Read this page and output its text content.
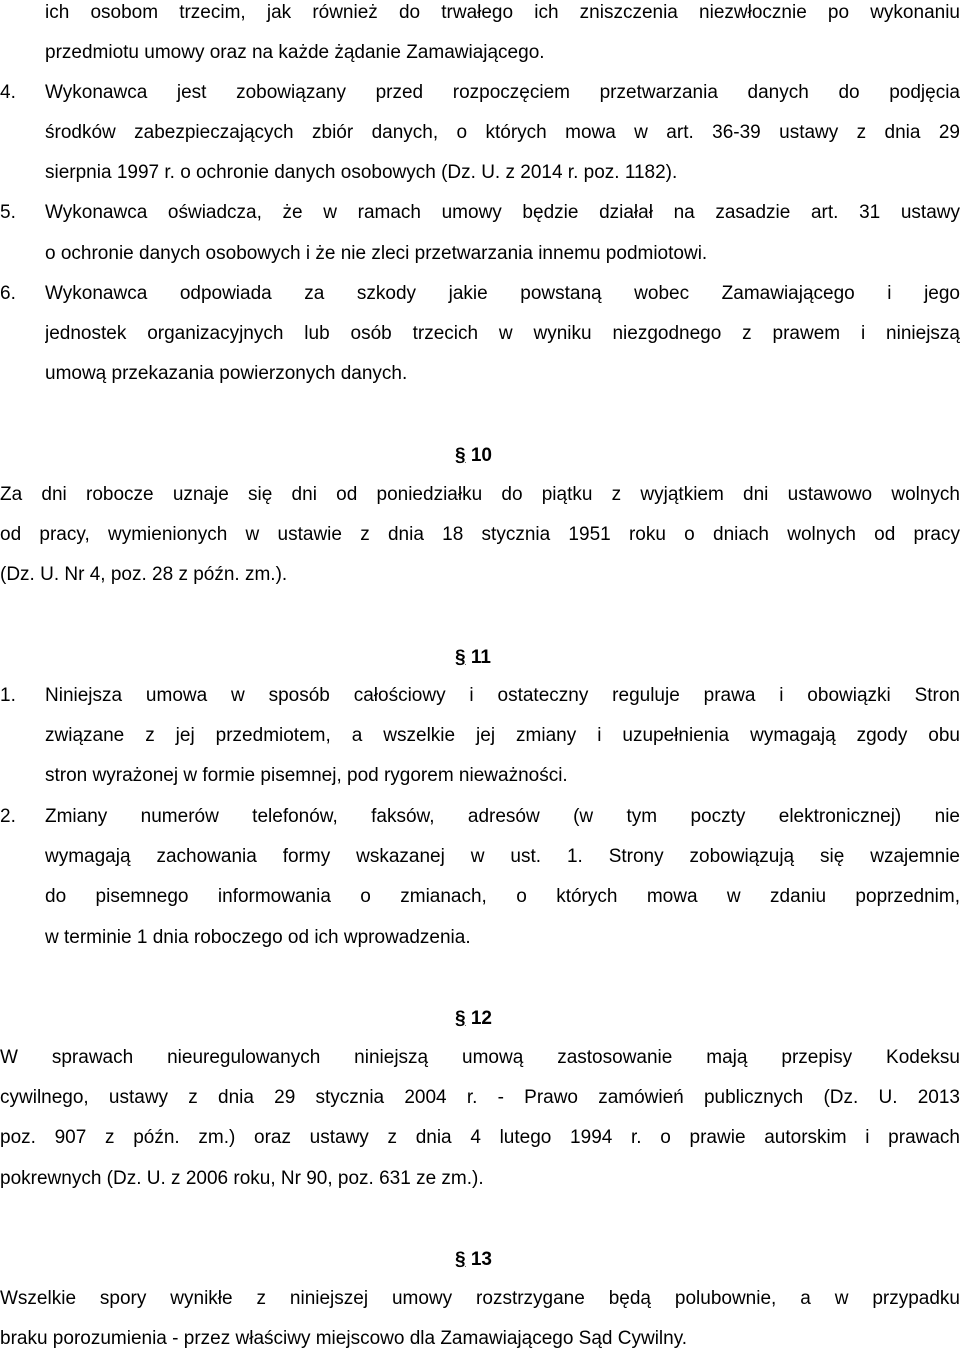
ich osobom trzecim, jak również do trwałego ich zniszczenia niezwłocznie po wykonaniu
przedmiotu umowy oraz na każde żądanie Zamawiającego.
4. Wykonawca jest zobowiązany przed rozpoczęciem przetwarzania danych do podjęcia
środków zabezpieczających zbiór danych, o których mowa w art. 36-39 ustawy z dnia 29
sierpnia 1997 r. o ochronie danych osobowych (Dz. U. z 2014 r. poz. 1182).
5. Wykonawca oświadcza, że w ramach umowy będzie działał na zasadzie art. 31 ustawy
o ochronie danych osobowych i że nie zleci przetwarzania innemu podmiotowi.
6. Wykonawca odpowiada za szkody jakie powstaną wobec Zamawiającego i jego
jednostek organizacyjnych lub osób trzecich w wyniku niezgodnego z prawem i niniejszą
umową przekazania powierzonych danych.
§ 10
Za dni robocze uznaje się dni od poniedziałku do piątku z wyjątkiem dni ustawowo wolnych
od pracy, wymienionych w ustawie z dnia 18 stycznia 1951 roku o dniach wolnych od pracy
(Dz. U. Nr 4, poz. 28 z późn. zm.).
§ 11
1. Niniejsza umowa w sposób całościowy i ostateczny reguluje prawa i obowiązki Stron
związane z jej przedmiotem, a wszelkie jej zmiany i uzupełnienia wymagają zgody obu
stron wyrażonej w formie pisemnej, pod rygorem nieważności.
2. Zmiany numerów telefonów, faksów, adresów (w tym poczty elektronicznej) nie
wymagają zachowania formy wskazanej w ust. 1. Strony zobowiązują się wzajemnie
do pisemnego informowania o zmianach, o których mowa w zdaniu poprzednim,
w terminie 1 dnia roboczego od ich wprowadzenia.
§ 12
W sprawach nieuregulowanych niniejszą umową zastosowanie mają przepisy Kodeksu
cywilnego, ustawy z dnia 29 stycznia 2004 r. - Prawo zamówień publicznych (Dz. U. 2013
poz. 907 z późn. zm.) oraz ustawy z dnia 4 lutego 1994 r. o prawie autorskim i prawach
pokrewnych (Dz. U. z 2006 roku, Nr 90, poz. 631 ze zm.).
§ 13
Wszelkie spory wynikłe z niniejszej umowy rozstrzygane będą polubownie, a w przypadku
braku porozumienia - przez właściwy miejscowo dla Zamawiającego Sąd Cywilny.
